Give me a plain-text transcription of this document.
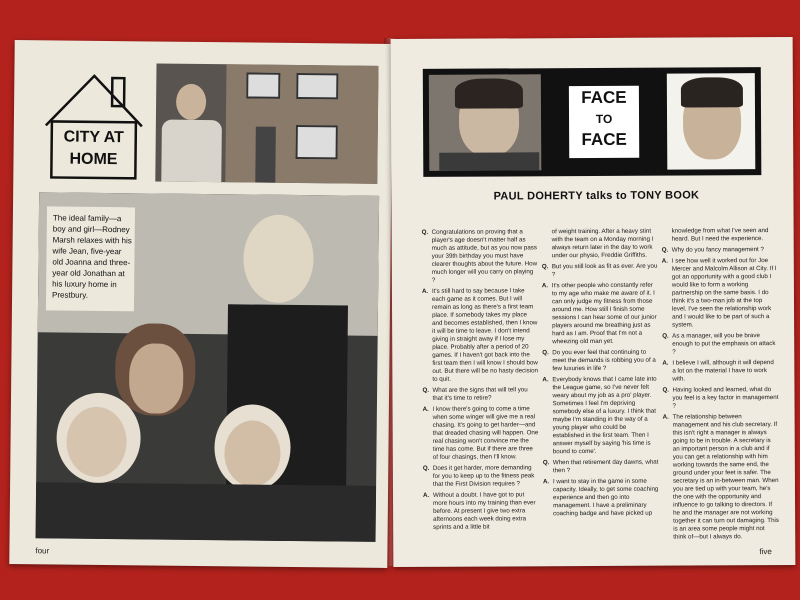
CITY AT
HOME
The ideal family—a boy and girl—Rodney Marsh relaxes with his wife Jean, five-year old Joanna and three-year old Jonathan at his luxury home in Prestbury.
four
FACE
TO
FACE
PAUL DOHERTY talks to TONY BOOK
Q. Congratulations on proving that a player's age doesn't matter half as much as attitude, but as you now pass your 39th birthday you must have clearer thoughts about the future. How much longer will you carry on playing ?
A. It's still hard to say because I take each game as it comes. But I will remain as long as there's a first team place. If somebody takes my place and becomes established, then I know it will be time to leave. I don't intend giving in straight away if I lose my place. Probably after a period of 20 games. If I haven't got back into the first team then I will know I should bow out. But there will be no hasty decision to quit.
Q. What are the signs that will tell you that it's time to retire?
A. I know there's going to come a time when some winger will give me a real chasing. It's going to get harder—and that dreaded chasing will happen. One real chasing won't convince me the time has come. But if there are three of four chasings, then I'll know.
Q. Does it get harder, more demanding for you to keep up to the fitness peak that the First Division requires ?
A. Without a doubt. I have got to put more hours into my training than ever before. At present I give two extra afternoons each week doing extra sprints and a little bit
of weight training. After a heavy stint with the team on a Monday morning I always return later in the day to work under our physio, Freddie Griffiths.
Q. But you still look as fit as ever. Are you ?
A. It's other people who constantly refer to my age who make me aware of it. I can only judge my fitness from those around me. How still I finish some sessions I can hear some of our junior players around me breathing just as hard as I am. Proof that I'm not a wheezing old man yet.
Q. Do you ever feel that continuing to meet the demands is robbing you of a few luxuries in life ?
A. Everybody knows that I came late into the League game, so I've never felt weary about my job as a pro' player. Sometimes I feel I'm depriving somebody else of a luxury. I think that maybe I'm standing in the way of a young player who could be established in the first team. Then I answer myself by saying 'his time is bound to come'.
Q. When that retirement day dawns, what then ?
A. I want to stay in the game in some capacity. Ideally, to get some coaching experience and then go into management. I have a preliminary coaching badge and have picked up
knowledge from what I've seen and heard. But I need the experience.
Q. Why do you fancy management ?
A. I see how well it worked out for Joe Mercer and Malcolm Allison at City. If I got an opportunity with a good club I would like to form a working partnership on the same basis. I do think it's a two-man job at the top level. I've seen the relationship work and I would like to be part of such a system.
Q. As a manager, will you be brave enough to put the emphasis on attack ?
A. I believe I will, although it will depend a lot on the material I have to work with.
Q. Having looked and learned, what do you feel is a key factor in management ?
A. The relationship between management and his club secretary. If this isn't right a manager is always going to be in trouble. A secretary is an important person in a club and if you can get a relationship with him working towards the same end, the ground under your feet is safer. The secretary is an in-between man. When you are tied up with your team, he's the one with the opportunity and influence to go talking to directors. If he and the manager are not working together it can turn out damaging. This is an area some people might not think of—but I always do.
five
